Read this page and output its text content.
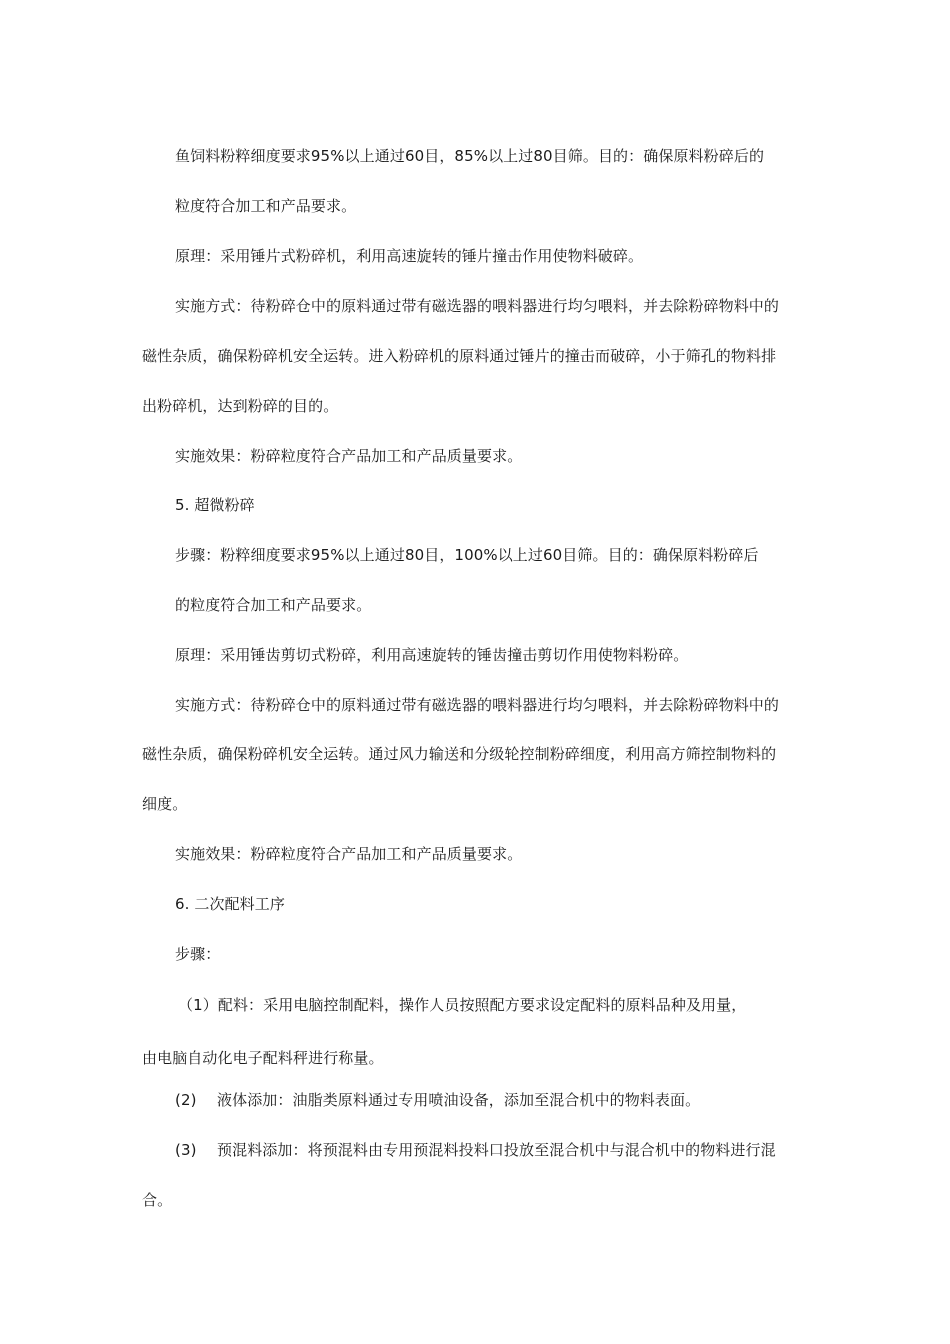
鱼饲料粉粹细度要求95%以上通过60目，85%以上过80目筛。目的：确保原料粉碎后的
粒度符合加工和产品要求。
原理：采用锤片式粉碎机，利用高速旋转的锤片撞击作用使物料破碎。
实施方式：待粉碎仓中的原料通过带有磁选器的喂料器进行均匀喂料，并去除粉碎物料中的
磁性杂质，确保粉碎机安全运转。进入粉碎机的原料通过锤片的撞击而破碎，小于筛孔的物料排
出粉碎机，达到粉碎的目的。
实施效果：粉碎粒度符合产品加工和产品质量要求。
5. 超微粉碎
步骤：粉粹细度要求95%以上通过80目，100%以上过60目筛。目的：确保原料粉碎后
的粒度符合加工和产品要求。
原理：采用锤齿剪切式粉碎，利用高速旋转的锤齿撞击剪切作用使物料粉碎。
实施方式：待粉碎仓中的原料通过带有磁选器的喂料器进行均匀喂料，并去除粉碎物料中的
磁性杂质，确保粉碎机安全运转。通过风力输送和分级轮控制粉碎细度，利用高方筛控制物料的
细度。
实施效果：粉碎粒度符合产品加工和产品质量要求。
6. 二次配料工序
步骤：
（1）配料：采用电脑控制配料，操作人员按照配方要求设定配料的原料品种及用量，
由电脑自动化电子配料秤进行称量。
(2) 液体添加：油脂类原料通过专用喷油设备，添加至混合机中的物料表面。
(3) 预混料添加：将预混料由专用预混料投料口投放至混合机中与混合机中的物料进行混
合。
